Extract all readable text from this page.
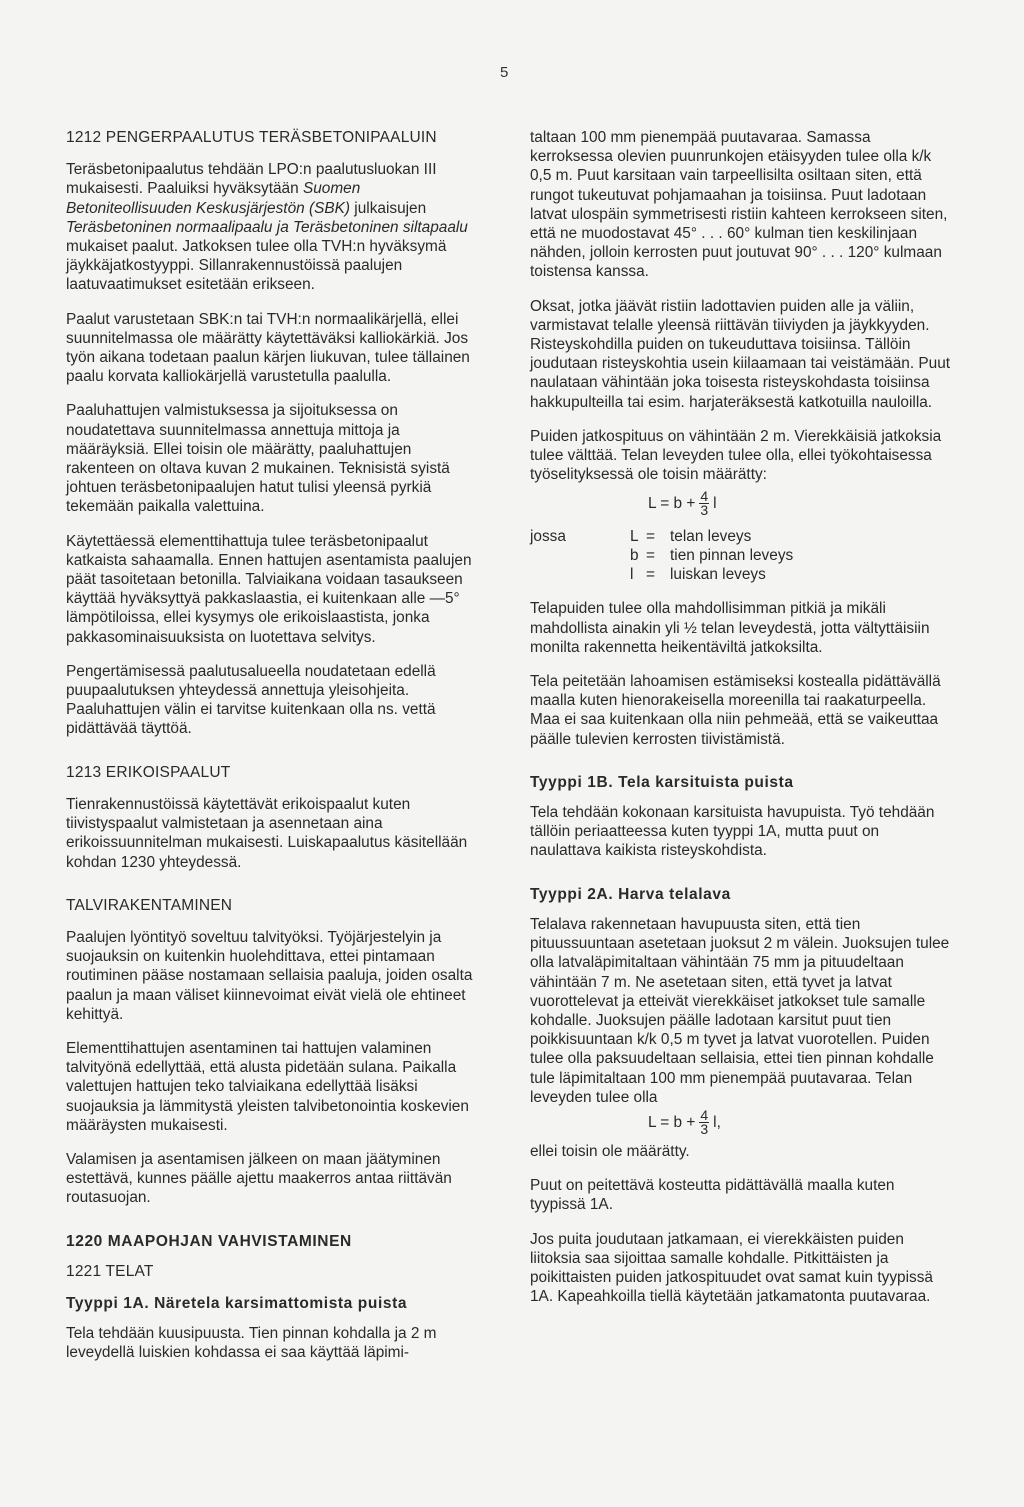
5
1212 PENGERPAALUTUS TERÄSBETONIPAALUIN

Teräsbetonipaalutus tehdään LPO:n paalutusluokan III mukaisesti. Paaluiksi hyväksytään Suomen Betoniteollisuuden Keskusjärjestön (SBK) julkaisujen Teräsbetoninen normaalipaalu ja Teräsbetoninen siltapaalu mukaiset paalut. Jatkoksen tulee olla TVH:n hyväksymä jäykkäjatkostyyppi. Sillanrakennustöissä paalujen laatuvaatimukset esitetään erikseen.

Paalut varustetaan SBK:n tai TVH:n normaalikärjellä, ellei suunnitelmassa ole määrätty käytettäväksi kalliokärkiä. Jos työn aikana todetaan paalun kärjen liukuvan, tulee tällainen paalu korvata kalliokärjellä varustetulla paalulla.

Paaluhattujen valmistuksessa ja sijoituksessa on noudatettava suunnitelmassa annettuja mittoja ja määräyksiä. Ellei toisin ole määrätty, paaluhattujen rakenteen on oltava kuvan 2 mukainen. Teknisistä syistä johtuen teräsbetonipaalujen hatut tulisi yleensä pyrkiä tekemään paikalla valettuina.

Käytettäessä elementtihattuja tulee teräsbetonipaalut katkaista sahaamalla. Ennen hattujen asentamista paalujen päät tasoitetaan betonilla. Talviaikana voidaan tasaukseen käyttää hyväksyttyä pakkaslaastia, ei kuitenkaan alle —5° lämpötiloissa, ellei kysymys ole erikoislaastista, jonka pakkasominaisuuksista on luotettava selvitys.

Pengertämisessä paalutusalueella noudatetaan edellä puupaalutuksen yhteydessä annettuja yleisohjeita. Paaluhattujen välin ei tarvitse kuitenkaan olla ns. vettä pidättävää täyttöä.

1213 ERIKOISPAALUT

Tienrakennustöissä käytettävät erikoispaalut kuten tiivistyspaalut valmistetaan ja asennetaan aina erikoissuunnitelman mukaisesti. Luiskapaalutus käsitellään kohdan 1230 yhteydessä.

TALVIRAKENTAMINEN

Paalujen lyöntityö soveltuu talvityöksi. Työjärjestelyin ja suojauksin on kuitenkin huolehdittava, ettei pintamaan routiminen pääse nostamaan sellaisia paaluja, joiden osalta paalun ja maan väliset kiinnevoimat eivät vielä ole ehtineet kehittyä.

Elementtihattujen asentaminen tai hattujen valaminen talvityönä edellyttää, että alusta pidetään sulana. Paikalla valettujen hattujen teko talviaikana edellyttää lisäksi suojauksia ja lämmitystä yleisten talvibetonointia koskevien määräysten mukaisesti.

Valamisen ja asentamisen jälkeen on maan jäätyminen estettävä, kunnes päälle ajettu maakerros antaa riittävän routasuojan.

1220 MAAPOHJAN VAHVISTAMINEN
1221 TELAT
Tyyppi 1A. Näretela karsimattomista puista

Tela tehdään kuusipuusta. Tien pinnan kohdalla ja 2 m leveydellä luiskien kohdassa ei saa käyttää läpimi-

taltaan 100 mm pienempää puutavaraa. Samassa kerroksessa olevien puunrunkojen etäisyyden tulee olla k/k 0,5 m. Puut karsitaan vain tarpeellisilta osiltaan siten, että rungot tukeutuvat pohjamaahan ja toisiinsa. Puut ladotaan latvat ulospäin symmetrisesti ristiin kahteen kerrokseen siten, että ne muodostavat 45° . . . 60° kulman tien keskilinjaan nähden, jolloin kerrosten puut joutuvat 90° . . . 120° kulmaan toistensa kanssa.

Oksat, jotka jäävät ristiin ladottavien puiden alle ja väliin, varmistavat telalle yleensä riittävän tiiviyden ja jäykkyyden. Risteyskohdilla puiden on tukeuduttava toisiinsa. Tällöin joudutaan risteyskohtia usein kiilaamaan tai veistämään. Puut naulataan vähintään joka toisesta risteyskohdasta toisiinsa hakkupulteilla tai esim. harjateräksestä katkotuilla nauloilla.

Puiden jatkospituus on vähintään 2 m. Vierekkäisiä jatkoksia tulee välttää. Telan leveyden tulee olla, ellei työkohtaisessa työselityksessä ole toisin määrätty:

$L = b + \frac{4}{3}$ l
jossa	L	=	telan leveys
	b	=	tien pinnan leveys
	l	=	luiskan leveys

Telapuiden tulee olla mahdollisimman pitkiä ja mikäli mahdollista ainakin yli ½ telan leveydestä, jotta vältyttäisiin monilta rakennetta heikentäviltä jatkoksilta.

Tela peitetään lahoamisen estämiseksi kostealla pidättävällä maalla kuten hienorakeisella moreenilla tai raakaturpeella. Maa ei saa kuitenkaan olla niin pehmeää, että se vaikeuttaa päälle tulevien kerrosten tiivistämistä.

Tyyppi 1B. Tela karsituista puista

Tela tehdään kokonaan karsituista havupuista. Työ tehdään tällöin periaatteessa kuten tyyppi 1A, mutta puut on naulattava kaikista risteyskohdista.

Tyyppi 2A. Harva telalava

Telalava rakennetaan havupuusta siten, että tien pituussuuntaan asetetaan juoksut 2 m välein. Juoksujen tulee olla latvaläpimitaltaan vähintään 75 mm ja pituudeltaan vähintään 7 m. Ne asetetaan siten, että tyvet ja latvat vuorottelevat ja etteivät vierekkäiset jatkokset tule samalle kohdalle. Juoksujen päälle ladotaan karsitut puut tien poikkisuuntaan k/k 0,5 m tyvet ja latvat vuorotellen. Puiden tulee olla paksuudeltaan sellaisia, ettei tien pinnan kohdalle tule läpimitaltaan 100 mm pienempää puutavaraa. Telan leveyden tulee olla

$L = b + \frac{4}{3} l$,

ellei toisin ole määrätty.

Puut on peitettävä kosteutta pidättävällä maalla kuten tyypissä 1A.

Jos puita joudutaan jatkamaan, ei vierekkäisten puiden liitoksia saa sijoittaa samalle kohdalle. Pitkittäisten ja poikittaisten puiden jatkospituudet ovat samat kuin tyypissä 1A. Kapeahkoilla tiellä käytetään jatkamatonta puutavaraa.
